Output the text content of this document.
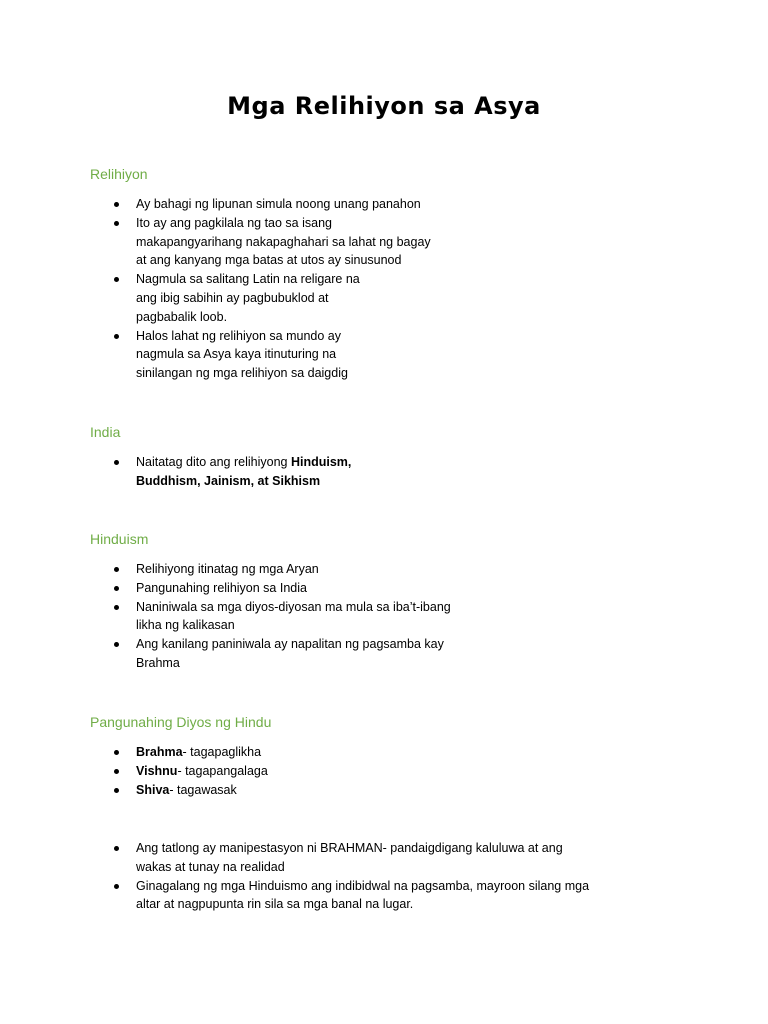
Mga Relihiyon sa Asya
Relihiyon
Ay bahagi ng lipunan simula noong unang panahon
Ito ay ang pagkilala ng tao sa isang makapangyarihang nakapaghahari sa lahat ng bagay at ang kanyang mga batas at utos ay sinusunod
Nagmula sa salitang Latin na religare na ang ibig sabihin ay pagbubuklod at pagbabalik loob.
Halos lahat ng relihiyon sa mundo ay nagmula sa Asya kaya itinuturing na sinilangan ng mga relihiyon sa daigdig
India
Naitatag dito ang relihiyong Hinduism, Buddhism, Jainism, at Sikhism
Hinduism
Relihiyong itinatag ng mga Aryan
Pangunahing relihiyon sa India
Naniniwala sa mga diyos-diyosan ma mula sa iba’t-ibang likha ng kalikasan
Ang kanilang paniniwala ay napalitan ng pagsamba kay Brahma
Pangunahing Diyos ng Hindu
Brahma- tagapaglikha
Vishnu- tagapangalaga
Shiva- tagawasak
Ang tatlong ay manipestasyon ni BRAHMAN- pandaigdigang kaluluwa at ang wakas at tunay na realidad
Ginagalang ng mga Hinduismo ang indibidwal na pagsamba, mayroon silang mga altar at nagpupunta rin sila sa mga banal na lugar.
